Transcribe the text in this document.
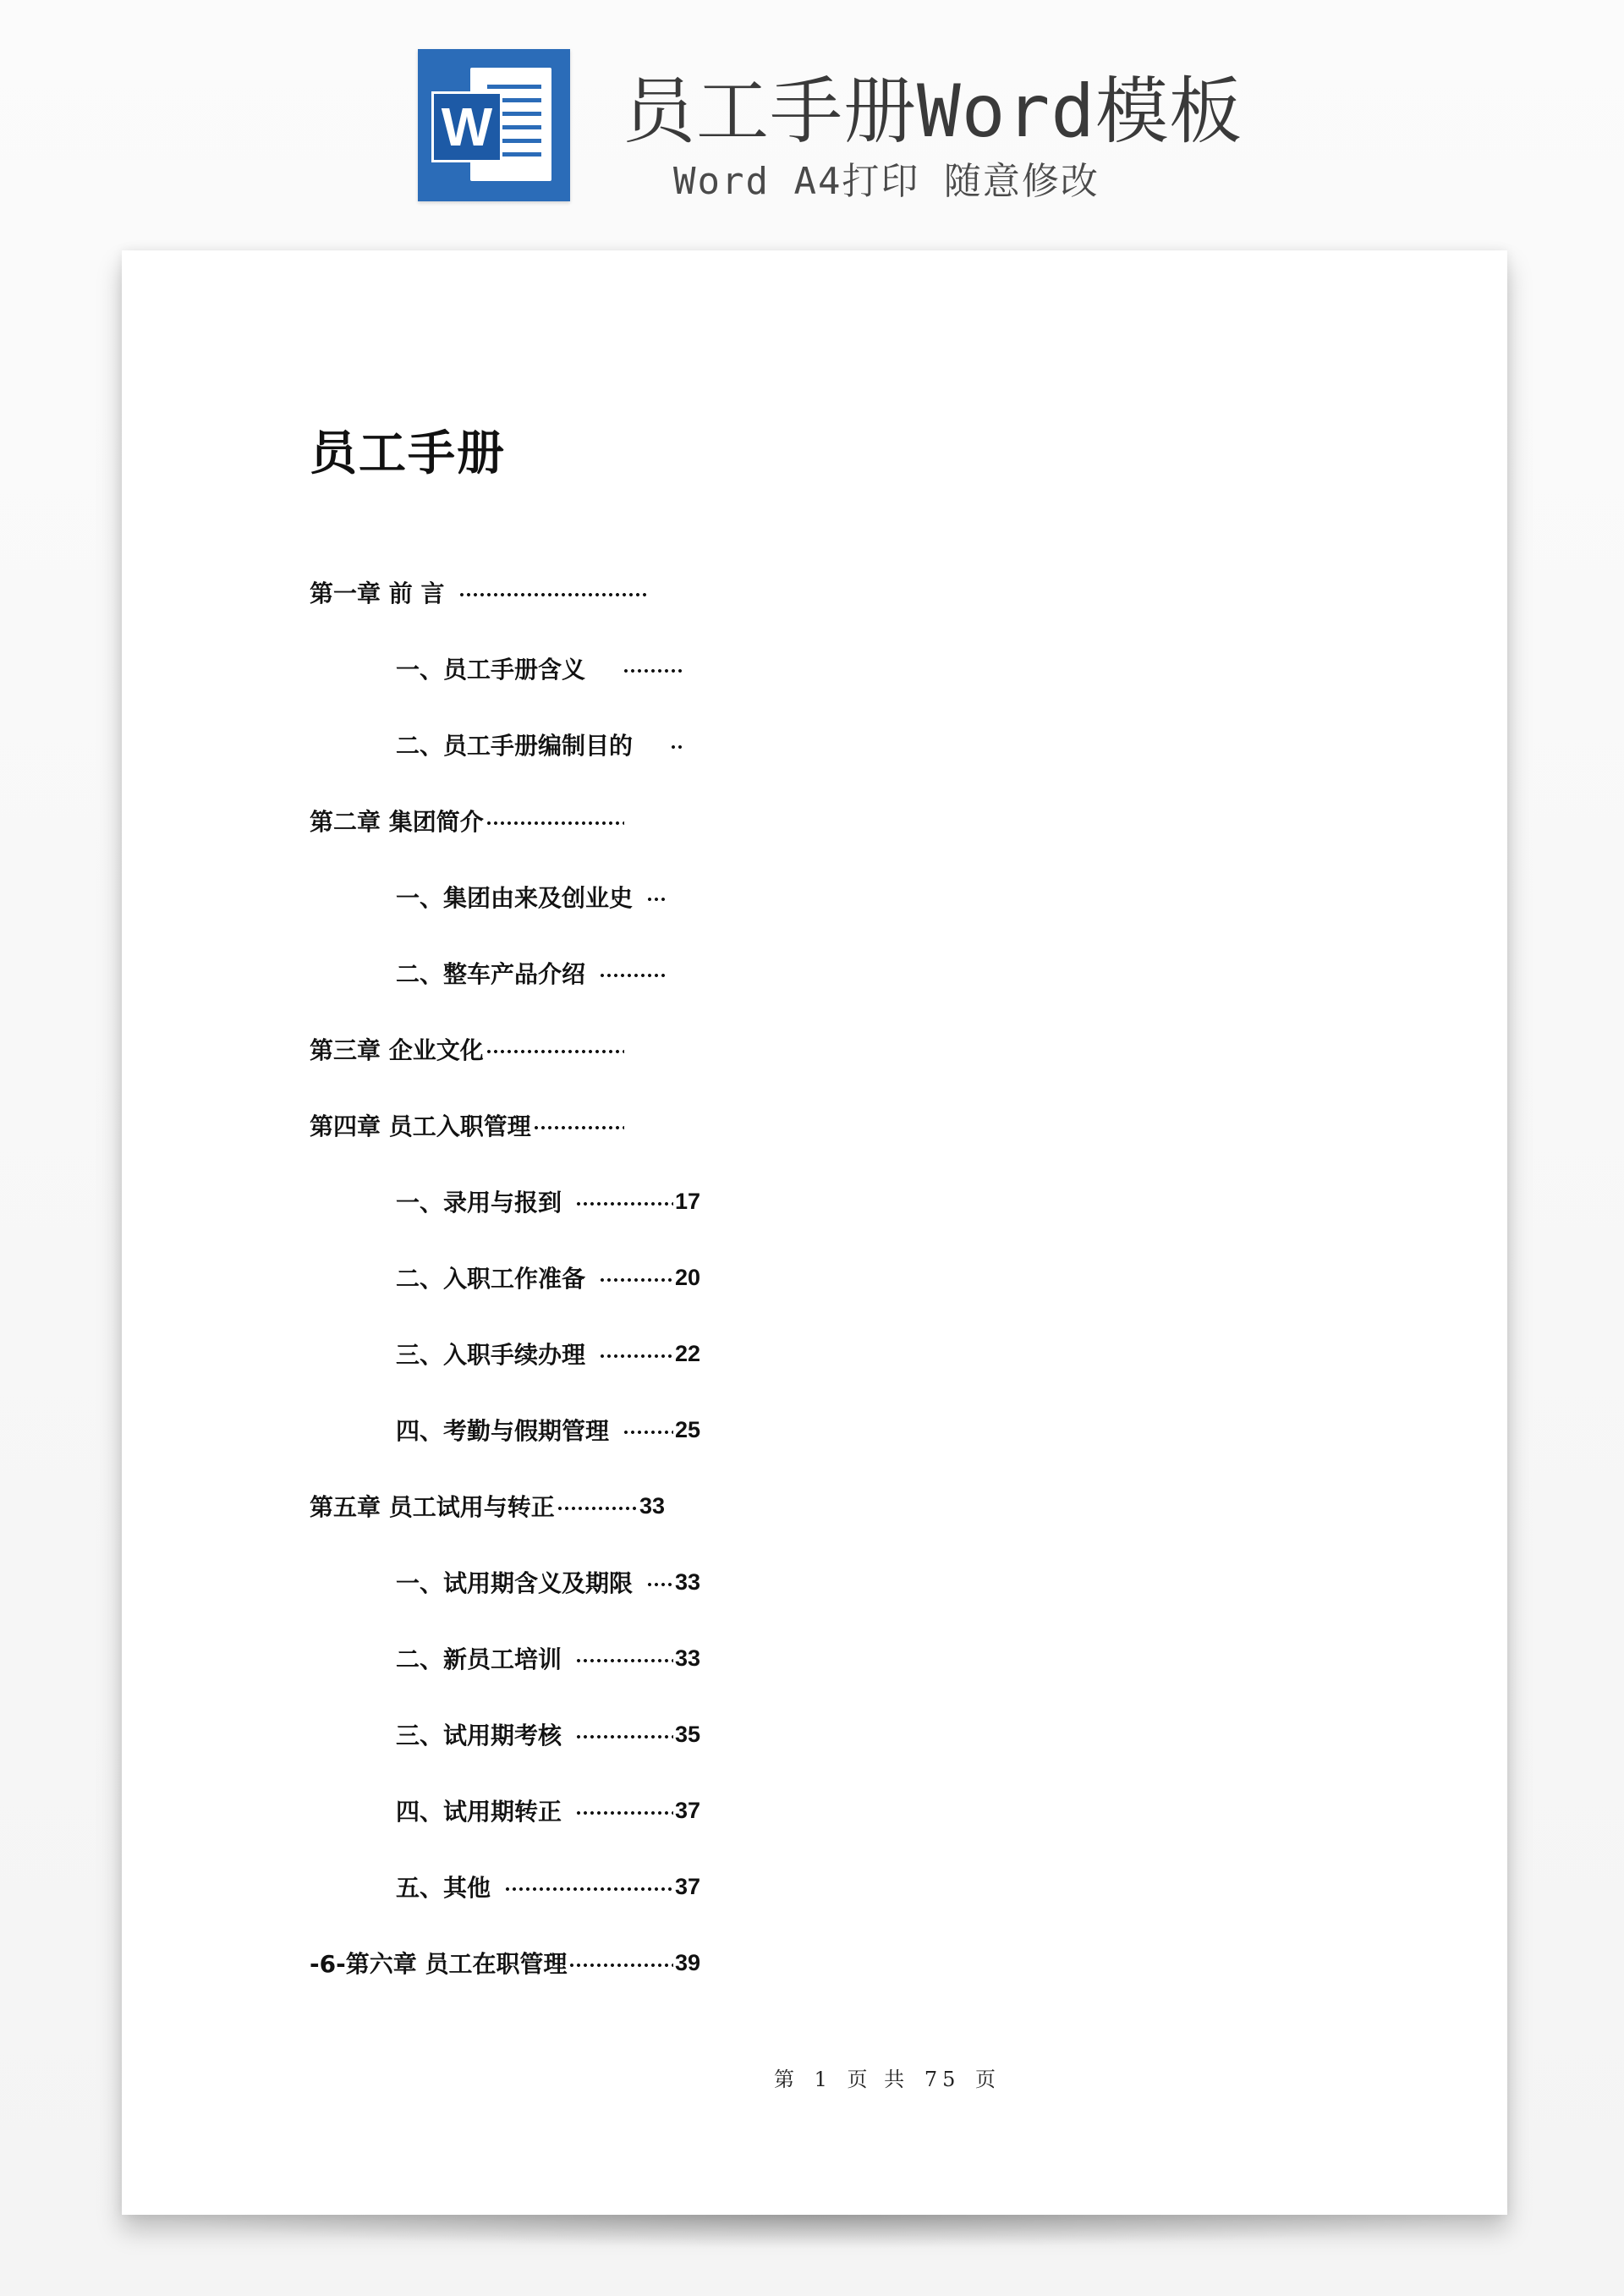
W 员工手册Word模板

Word A4打印 随意修改

员工手册
第一章 前 言
一、员工手册含义
二、员工手册编制目的
第二章 集团简介
一、集团由来及创业史
二、整车产品介绍
第三章 企业文化
第四章 员工入职管理
一、录用与报到	17
二、入职工作准备	20
三、入职手续办理	22
四、考勤与假期管理	25
第五章 员工试用与转正	33
一、试用期含义及期限 33
二、新员工培训	33
三、试用期考核	35
四、试用期转正	37
五、其他	37
-6-第六章 员工在职管理	39
第 1 页 共 75 页
